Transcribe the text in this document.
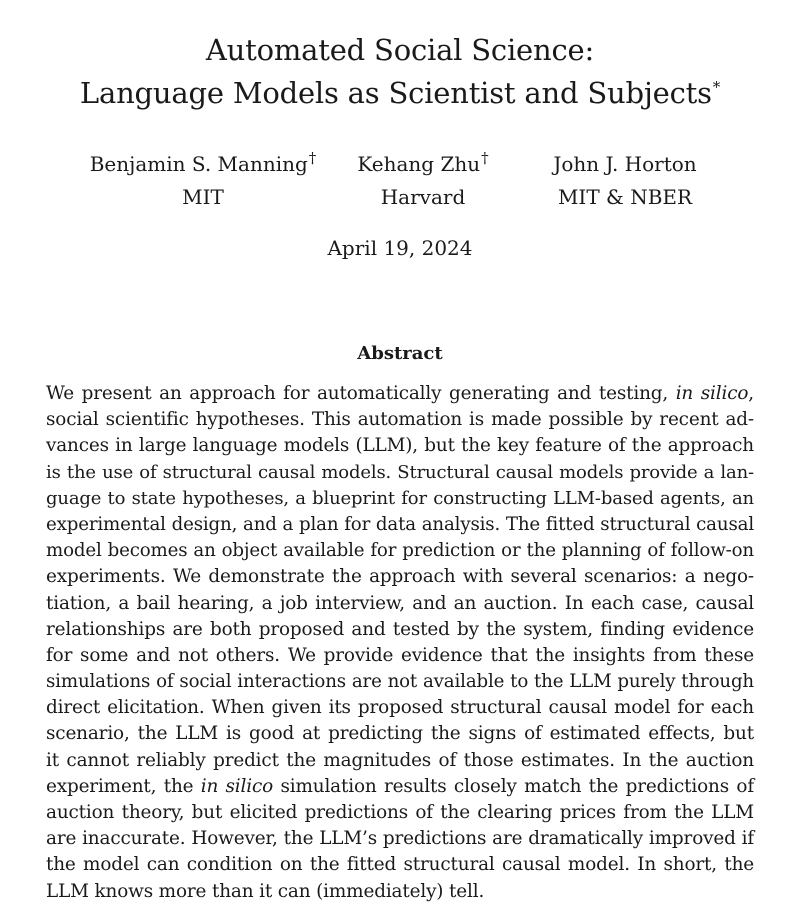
Automated Social Science:
Language Models as Scientist and Subjects*
Benjamin S. Manning†
MIT
Kehang Zhu†
Harvard
John J. Horton
MIT & NBER
April 19, 2024
Abstract
We present an approach for automatically generating and testing, in silico,
social scientific hypotheses. This automation is made possible by recent ad-
vances in large language models (LLM), but the key feature of the approach
is the use of structural causal models. Structural causal models provide a lan-
guage to state hypotheses, a blueprint for constructing LLM-based agents, an
experimental design, and a plan for data analysis. The fitted structural causal
model becomes an object available for prediction or the planning of follow-on
experiments. We demonstrate the approach with several scenarios: a nego-
tiation, a bail hearing, a job interview, and an auction. In each case, causal
relationships are both proposed and tested by the system, finding evidence
for some and not others. We provide evidence that the insights from these
simulations of social interactions are not available to the LLM purely through
direct elicitation. When given its proposed structural causal model for each
scenario, the LLM is good at predicting the signs of estimated effects, but
it cannot reliably predict the magnitudes of those estimates. In the auction
experiment, the in silico simulation results closely match the predictions of
auction theory, but elicited predictions of the clearing prices from the LLM
are inaccurate. However, the LLM’s predictions are dramatically improved if
the model can condition on the fitted structural causal model. In short, the
LLM knows more than it can (immediately) tell.
